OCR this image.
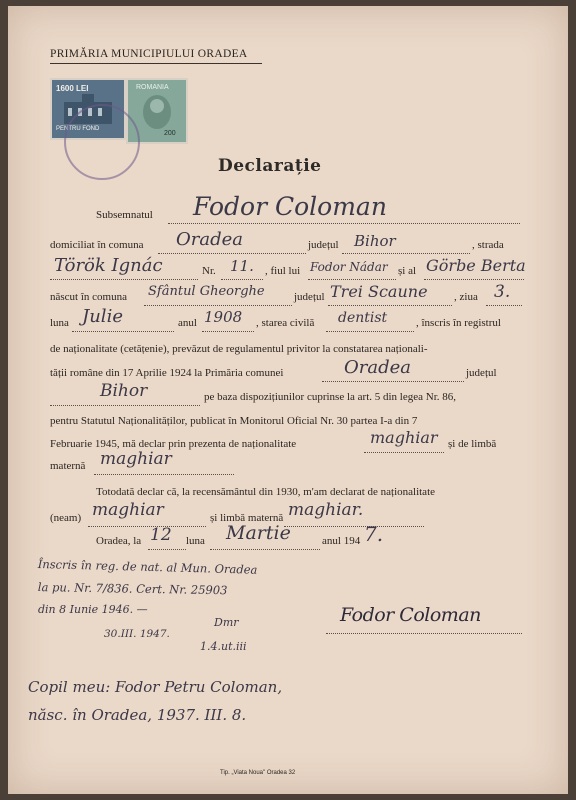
PRIMĂRIA MUNICIPIULUI ORADEA
1600 LEI
PENTRU FOND
ROMANIA
200
Declarație
Subsemnatul Fodor Coloman
domiciliat în comuna Oradea	județul Bihor	, strada
Török Ignác	Nr. 11. , fiul lui Fodor Nádar și al Görbe Berta
născut în comuna Sfântul Gheorghe	județul Trei Scaune , ziua 3.
luna Julie	anul 1908 , starea civilă dentist	, înscris în registrul
de naționalitate (cetățenie), prevăzut de regulamentul privitor la constatarea naționali-
tății române din 17 Aprilie 1924 la Primăria comunei	Oradea	județul
Bihor	pe baza dispozițiunilor cuprinse la art. 5 din legea Nr. 86,
pentru Statutul Naționalităților, publicat în Monitorul Oficial Nr. 30 partea I-a din 7
Februarie 1945, mă declar prin prezenta de naționalitate	maghiar și de limbă
maternă maghiar
Totodată declar că, la recensământul din 1930, m'am declarat de naționalitate
(neam) maghiar	și limbă maternă maghiar.
Oradea, la 12 luna Martie	anul 194 7.
Înscris în reg. de nat. al Mun. Oradea
la pu. Nr. 7/836. Cert. Nr. 25903
din 8 Iunie 1946. —
30.III. 1947.
Dmr
1.4.ut.iii
Fodor Coloman
Copil meu: Fodor Petru Coloman,
născ. în Oradea, 1937. III. 8.
Tip. „Viata Noua" Oradea 32
